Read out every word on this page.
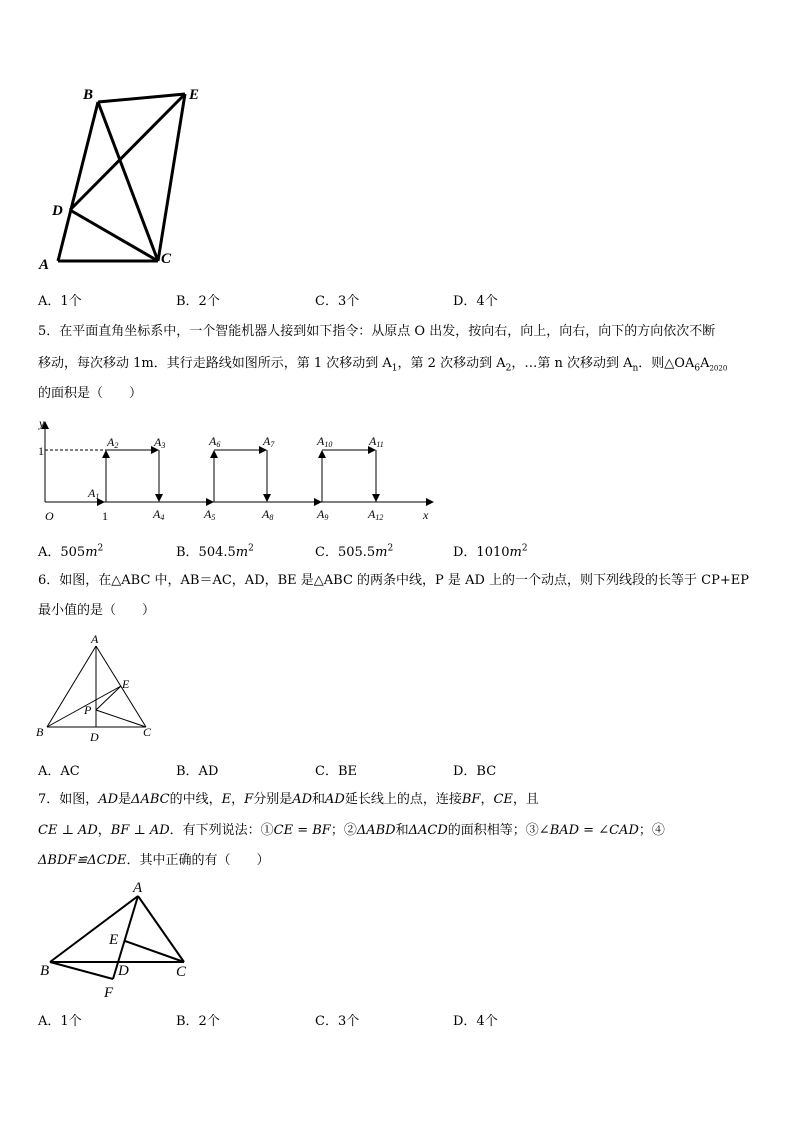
B	E
D
A	C
A．1个	B．2个	C．3个	D．4个
5．在平面直角坐标系中，一个智能机器人接到如下指令：从原点 O 出发，按向右，向上，向右，向下的方向依次不断
移动，每次移动 1m．其行走路线如图所示，第 1 次移动到 $A_1$，第 2 次移动到 $A_2$，…第 n 次移动到 $A_n$．则$\triangle OA_6A_{2020}$
的面积是（　　）
y
x
O
1
1
A1
A2	A3
A4	A5
A6	A7
A8	A9
A10	A11
A12
A．$505m^2$	B．$504.5m^2$	C．$505.5m^2$	D．$1010m^2$
6．如图，在△ABC 中，AB＝AC，AD，BE 是△ABC 的两条中线，P 是 AD 上的一个动点，则下列线段的长等于 CP+EP
最小值的是（　　）
A
E
P
B	D	C
A．AC	B．AD	C．BE	D．BC
7．如图，AD是ΔABC的中线，E，F分别是AD和AD延长线上的点，连接BF，CE，且
CE ⊥ AD，BF ⊥ AD．有下列说法：①CE = BF；②ΔABD和ΔACD的面积相等；③∠BAD = ∠CAD；④
ΔBDF≌ΔCDE．其中正确的有（　　）
A
E
B	D	C
F
A．1个	B．2个	C．3个	D．4个
